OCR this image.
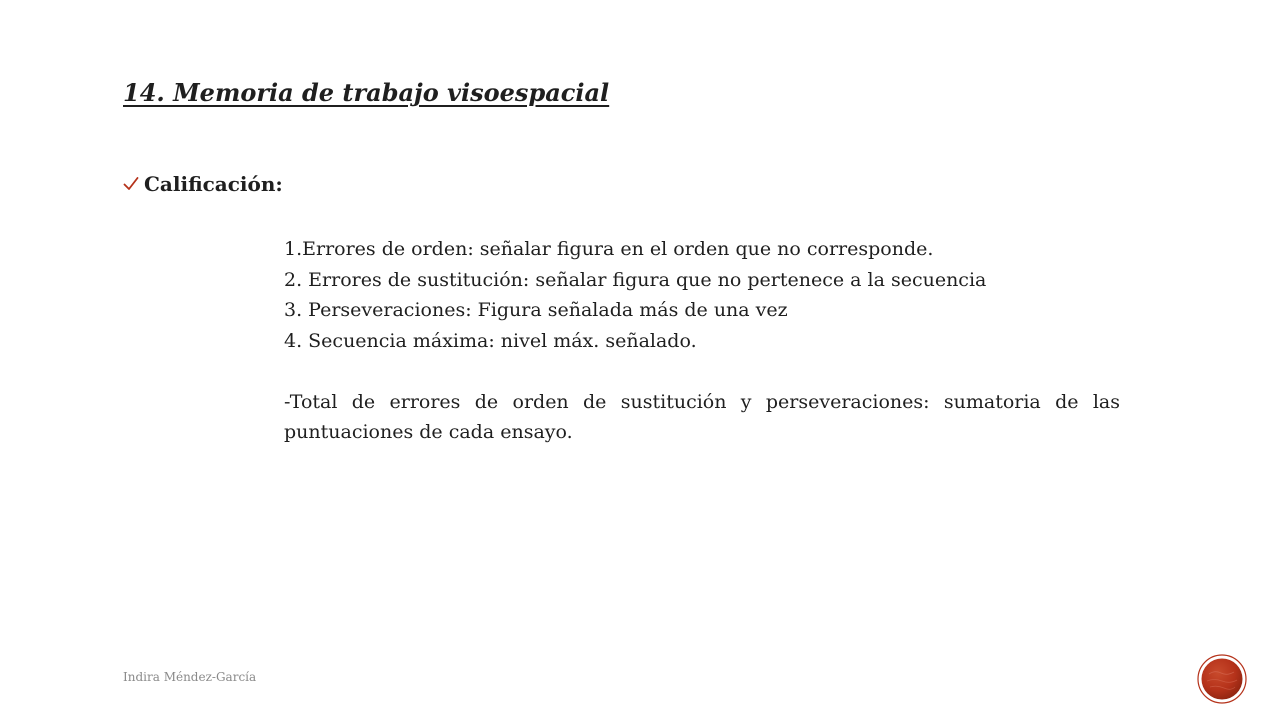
14. Memoria de trabajo visoespacial
Calificación:

1.Errores de orden: señalar figura en el orden que no corresponde.

2. Errores de sustitución: señalar figura que no pertenece a la secuencia

3. Perseveraciones: Figura señalada más de una vez

4. Secuencia máxima: nivel máx. señalado.

-Total de errores de orden de sustitución y perseveraciones: sumatoria de las puntuaciones de cada ensayo.

Indira Méndez-García
